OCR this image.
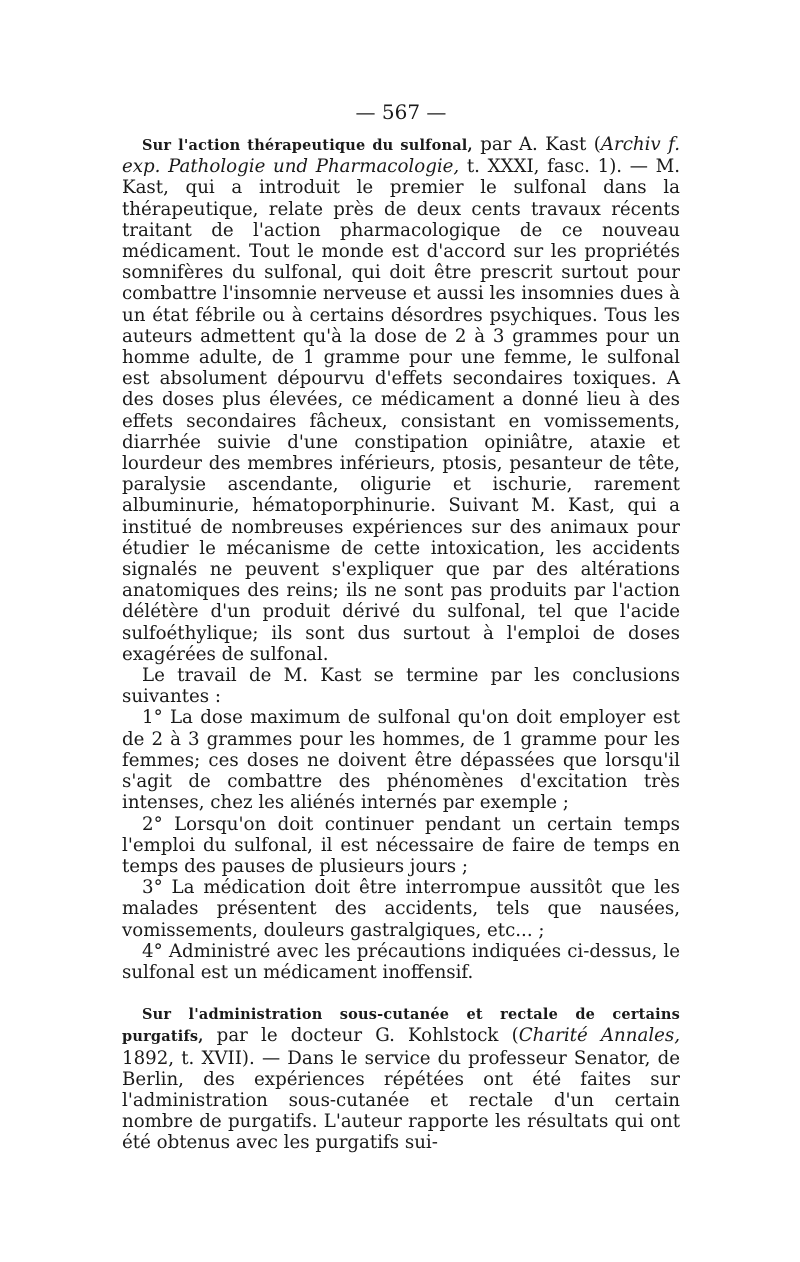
— 567 —

Sur l'action thérapeutique du sulfonal, par A. Kast (Archiv f. exp. Pathologie und Pharmacologie, t. XXXI, fasc. 1). — M. Kast, qui a introduit le premier le sulfonal dans la thérapeutique, relate près de deux cents travaux récents traitant de l'action pharmacologique de ce nouveau médicament. Tout le monde est d'accord sur les propriétés somnifères du sulfonal, qui doit être prescrit surtout pour combattre l'insomnie nerveuse et aussi les insomnies dues à un état fébrile ou à certains désordres psychiques. Tous les auteurs admettent qu'à la dose de 2 à 3 grammes pour un homme adulte, de 1 gramme pour une femme, le sulfonal est absolument dépourvu d'effets secondaires toxiques. A des doses plus élevées, ce médicament a donné lieu à des effets secondaires fâcheux, consistant en vomissements, diarrhée suivie d'une constipation opiniâtre, ataxie et lourdeur des membres inférieurs, ptosis, pesanteur de tête, paralysie ascendante, oligurie et ischurie, rarement albuminurie, hématoporphinurie. Suivant M. Kast, qui a institué de nombreuses expériences sur des animaux pour étudier le mécanisme de cette intoxication, les accidents signalés ne peuvent s'expliquer que par des altérations anatomiques des reins; ils ne sont pas produits par l'action délétère d'un produit dérivé du sulfonal, tel que l'acide sulfoéthylique; ils sont dus surtout à l'emploi de doses exagérées de sulfonal.

Le travail de M. Kast se termine par les conclusions suivantes :

1° La dose maximum de sulfonal qu'on doit employer est de 2 à 3 grammes pour les hommes, de 1 gramme pour les femmes; ces doses ne doivent être dépassées que lorsqu'il s'agit de combattre des phénomènes d'excitation très intenses, chez les aliénés internés par exemple ;

2° Lorsqu'on doit continuer pendant un certain temps l'emploi du sulfonal, il est nécessaire de faire de temps en temps des pauses de plusieurs jours ;

3° La médication doit être interrompue aussitôt que les malades présentent des accidents, tels que nausées, vomissements, douleurs gastralgiques, etc... ;

4° Administré avec les précautions indiquées ci-dessus, le sulfonal est un médicament inoffensif.

Sur l'administration sous-cutanée et rectale de certains purgatifs, par le docteur G. Kohlstock (Charité Annales, 1892, t. XVII). — Dans le service du professeur Senator, de Berlin, des expériences répétées ont été faites sur l'administration sous-cutanée et rectale d'un certain nombre de purgatifs. L'auteur rapporte les résultats qui ont été obtenus avec les purgatifs sui-
